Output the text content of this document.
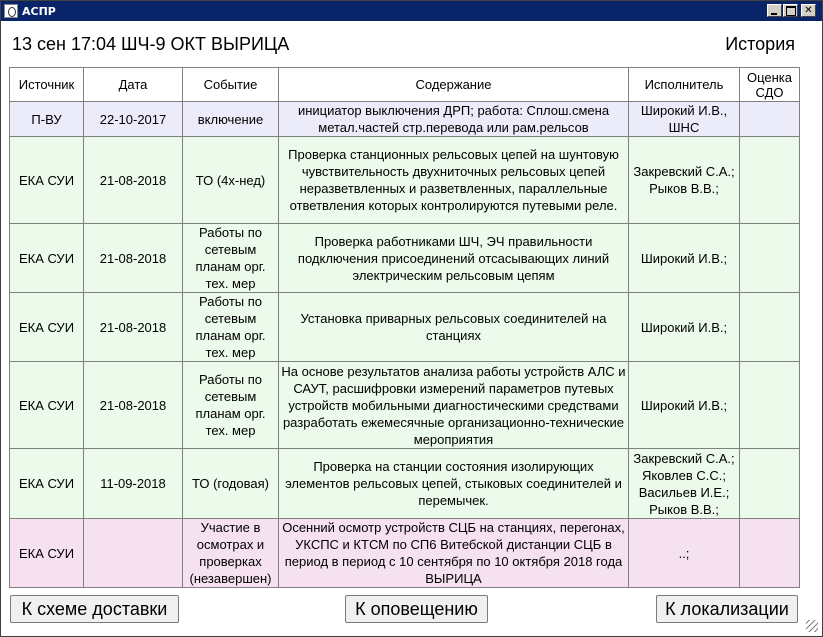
АСПР	✕
13 сен 17:04 ШЧ-9 ОКТ ВЫРИЦА	История
Источник	Дата	Событие	Содержание	Исполнитель	Оценка СДО
П-ВУ	22-10-2017	включение	инициатор выключения ДРП; работа: Сплош.смена метал.частей стр.перевода или рам.рельсов	Широкий И.В., ШНС	
ЕКА СУИ	21-08-2018	ТО (4х-нед)	Проверка станционных рельсовых цепей на шунтовую чувствительность двухниточных рельсовых цепей неразветвленных и разветвленных, параллельные ответвления которых контролируются путевыми реле.	Закревский С.А.; Рыков В.В.;	
ЕКА СУИ	21-08-2018	Работы по сетевым планам орг. тех. мер	Проверка работниками ШЧ, ЭЧ правильности подключения присоединений отсасывающих линий электрическим рельсовым цепям	Широкий И.В.;	
ЕКА СУИ	21-08-2018	Работы по сетевым планам орг. тех. мер	Установка приварных рельсовых соединителей на станциях	Широкий И.В.;	
ЕКА СУИ	21-08-2018	Работы по сетевым планам орг. тех. мер	На основе результатов анализа работы устройств АЛС и САУТ, расшифровки измерений параметров путевых устройств мобильными диагностическими средствами разработать ежемесячные организационно-технические мероприятия	Широкий И.В.;	
ЕКА СУИ	11-09-2018	ТО (годовая)	Проверка на станции состояния изолирующих элементов рельсовых цепей, стыковых соединителей и перемычек.	Закревский С.А.; Яковлев С.С.; Васильев И.Е.; Рыков В.В.;	
ЕКА СУИ		Участие в осмотрах и проверках (незавершен)	Осенний осмотр устройств СЦБ на станциях, перегонах, УКСПС и КТСМ по СП6 Витебской дистанции СЦБ в период в период с 10 сентября по 10 октября 2018 года ВЫРИЦА	..;	
К схеме доставки	К оповещению	К локализации
